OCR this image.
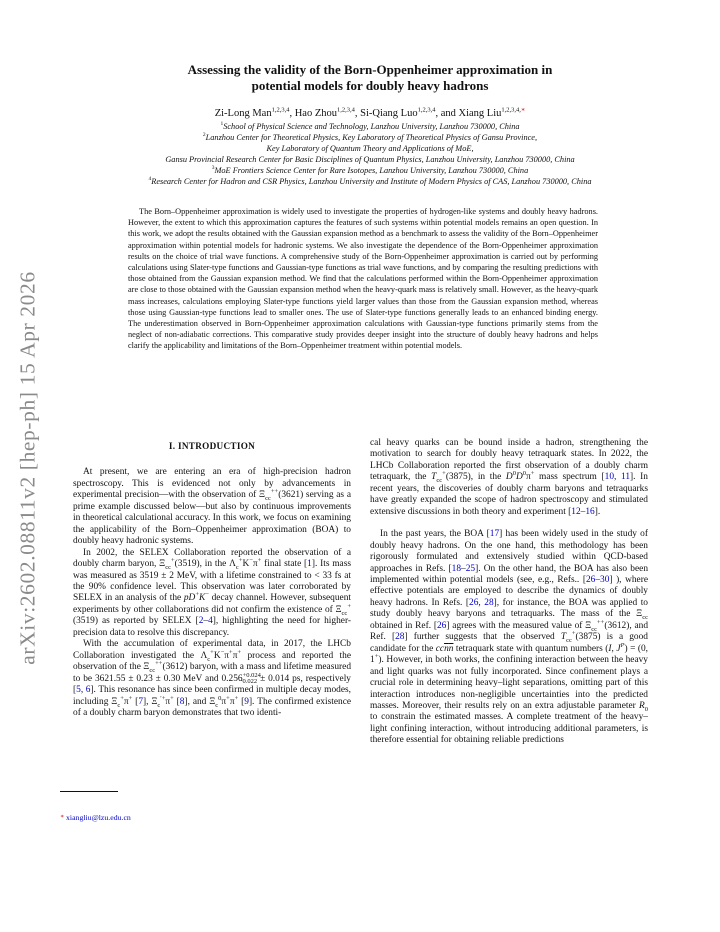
arXiv:2602.08811v2 [hep-ph] 15 Apr 2026
Assessing the validity of the Born-Oppenheimer approximation in
potential models for doubly heavy hadrons
Zi-Long Man$^{1,2,3,4}$, Hao Zhou$^{1,2,3,4}$, Si-Qiang Luo$^{1,2,3,4}$, and Xiang Liu$^{1,2,3,4,∗}$
$^1$School of Physical Science and Technology, Lanzhou University, Lanzhou 730000, China
$^2$Lanzhou Center for Theoretical Physics, Key Laboratory of Theoretical Physics of Gansu Province,
Key Laboratory of Quantum Theory and Applications of MoE,
Gansu Provincial Research Center for Basic Disciplines of Quantum Physics, Lanzhou University, Lanzhou 730000, China
$^3$MoE Frontiers Science Center for Rare Isotopes, Lanzhou University, Lanzhou 730000, China
$^4$Research Center for Hadron and CSR Physics, Lanzhou University and Institute of Modern Physics of CAS, Lanzhou 730000, China
The Born–Oppenheimer approximation is widely used to investigate the properties of hydrogen-like systems and doubly heavy hadrons. However, the extent to which this approximation captures the features of such systems within potential models remains an open question. In this work, we adopt the results obtained with the Gaussian expansion method as a benchmark to assess the validity of the Born–Oppenheimer approximation within potential models for hadronic systems. We also investigate the dependence of the Born-Oppenheimer approximation results on the choice of trial wave functions. A comprehensive study of the Born-Oppenheimer approximation is carried out by performing calculations using Slater-type functions and Gaussian-type functions as trial wave functions, and by comparing the resulting predictions with those obtained from the Gaussian expansion method. We find that the calculations performed within the Born-Oppenheimer approximation are close to those obtained with the Gaussian expansion method when the heavy-quark mass is relatively small. However, as the heavy-quark mass increases, calculations employing Slater-type functions yield larger values than those from the Gaussian expansion method, whereas those using Gaussian-type functions lead to smaller ones. The use of Slater-type functions generally leads to an enhanced binding energy. The underestimation observed in Born-Oppenheimer approximation calculations with Gaussian-type functions primarily stems from the neglect of non-adiabatic corrections. This comparative study provides deeper insight into the structure of doubly heavy hadrons and helps clarify the applicability and limitations of the Born–Oppenheimer treatment within potential models.
I. INTRODUCTION

At present, we are entering an era of high-precision hadron spectroscopy. This is evidenced not only by advancements in experimental precision—with the observation of $\Xi_{cc}^{++}(3621)$ serving as a prime example discussed below—but also by continuous improvements in theoretical calculational accuracy. In this work, we focus on examining the applicability of the Born–Oppenheimer approximation (BOA) to doubly heavy hadronic systems.

In 2002, the SELEX Collaboration reported the observation of a doubly charm baryon, $\Xi_{cc}^+(3519)$, in the $\Lambda_c^+K^-\pi^+$ final state [1]. Its mass was measured as 3519 ± 2 MeV, with a lifetime constrained to < 33 fs at the 90% confidence level. This observation was later corroborated by SELEX in an analysis of the pD+K− decay channel. However, subsequent experiments by other collaborations did not confirm the existence of $\Xi_{cc}^+(3519)$ as reported by SELEX [2–4], highlighting the need for higher-precision data to resolve this discrepancy.

With the accumulation of experimental data, in 2017, the LHCb Collaboration investigated the $\Lambda_c^+K^-\pi^+\pi^+$ process and reported the observation of the $\Xi_{cc}^{++}(3612)$ baryon, with a mass and lifetime measured to be 3621.55 ± 0.23 ± 0.30 MeV and $0.256^{+0.024}_{-0.022} \pm 0.014$ ps, respectively [5, 6]. This resonance has since been confirmed in multiple decay modes, including $\Xi_c^+\pi^+$ [7], $\Xi_c^{'+}\pi^+$ [8], and $\Xi_c^0\pi^+\pi^+$ [9]. The confirmed existence of a doubly charm baryon demonstrates that two identi-

cal heavy quarks can be bound inside a hadron, strengthening the motivation to search for doubly heavy tetraquark states. In 2022, the LHCb Collaboration reported the first observation of a doubly charm tetraquark, the $T_{cc}^+(3875)$, in the $D^0D^0\pi^+$ mass spectrum [10, 11]. In recent years, the discoveries of doubly charm baryons and tetraquarks have greatly expanded the scope of hadron spectroscopy and stimulated extensive discussions in both theory and experiment [12–16].

In the past years, the BOA [17] has been widely used in the study of doubly heavy hadrons. On the one hand, this methodology has been rigorously formulated and extensively studied within QCD-based approaches in Refs. [18–25]. On the other hand, the BOA has also been implemented within potential models (see, e.g., Refs.. [26–30] ), where effective potentials are employed to describe the dynamics of doubly heavy hadrons. In Refs. [26, 28], for instance, the BOA was applied to study doubly heavy baryons and tetraquarks. The mass of the $\Xi_{cc}$ obtained in Ref. [26] agrees with the measured value of $\Xi_{cc}^{++}(3612)$, and Ref. [28] further suggests that the observed $T_{cc}^+(3875)$ is a good candidate for the $cc\overline{n}\overline{n}$ tetraquark state with quantum numbers (I, $J^P) = (0$, 1+). However, in both works, the confining interaction between the heavy and light quarks was not fully incorporated. Since confinement plays a crucial role in determining heavy–light separations, omitting part of this interaction introduces non-negligible uncertainties into the predicted masses. Moreover, their results rely on an extra adjustable parameter $R_0$ to constrain the estimated masses. A complete treatment of the heavy–light confining interaction, without introducing additional parameters, is therefore essential for obtaining reliable predictions

∗ xiangliu@lzu.edu.cn
